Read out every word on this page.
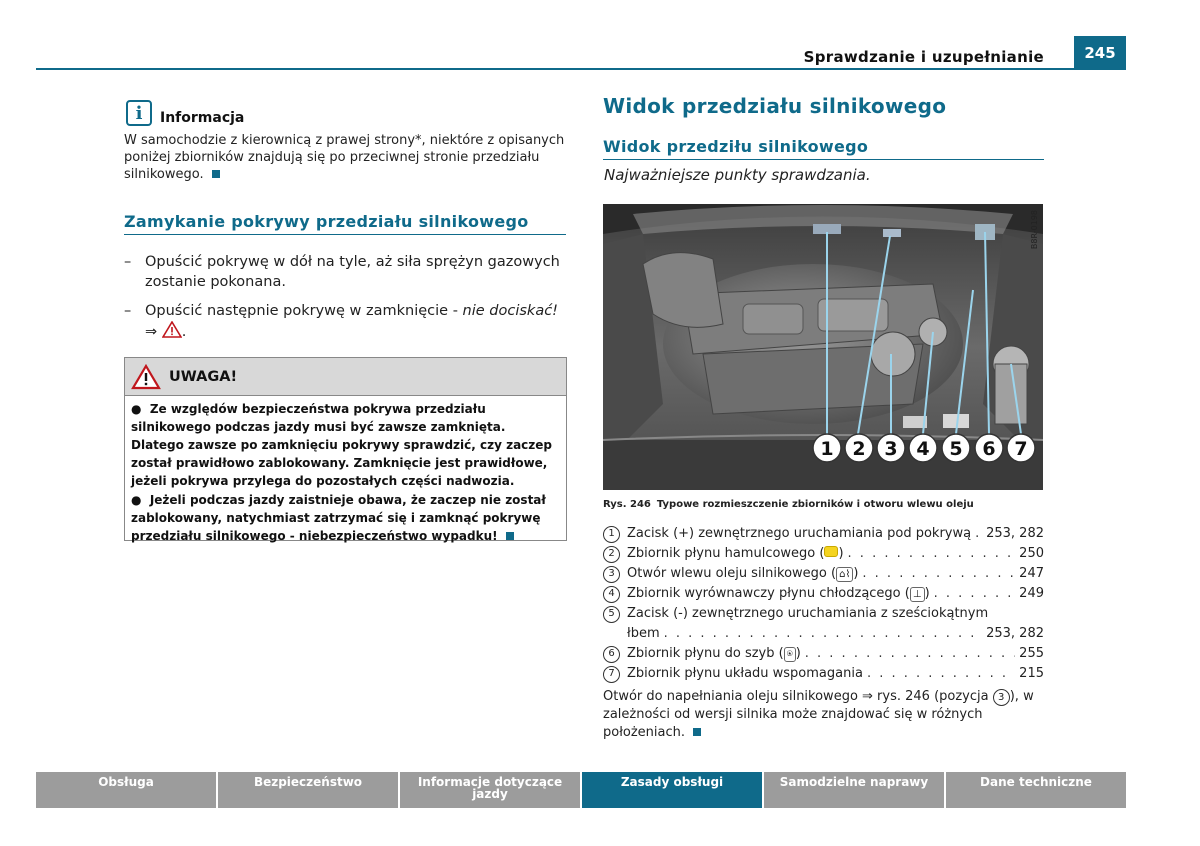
Sprawdzanie i uzupełnianie	245
i	Informacja
W samochodzie z kierownicą z prawej strony*, niektóre z opisanych poniżej zbiorników znajdują się po przeciwnej stronie przedziału silnikowego.
Zamykanie pokrywy przedziału silnikowego
– Opuścić pokrywę w dół na tyle, aż siła sprężyn gazowych zostanie pokonana.
– Opuścić następnie pokrywę w zamknięcie - nie dociskać!
⇒ .
UWAGA!

●  Ze względów bezpieczeństwa pokrywa przedziału silnikowego podczas jazdy musi być zawsze zamknięta. Dlatego zawsze po zamknięciu pokrywy sprawdzić, czy zaczep został prawidłowo zablokowany. Zamknięcie jest prawidłowe, jeżeli pokrywa przylega do pozostałych części nadwozia.

●  Jeżeli podczas jazdy zaistnieje obawa, że zaczep nie został zablokowany, natychmiast zatrzymać się i zamknąć pokrywę przedziału silnikowego - niebezpieczeństwo wypadku!

Widok przedziału silnikowego
Widok przedziłu silnikowego
Najważniejsze punkty sprawdzania.
1 2 3 4 5 6 7
B8R-0198
Rys. 246 Typowe rozmieszczenie zbiorników i otworu wlewu oleju
1 Zacisk (+) zewnętrznego uruchamiania pod pokrywą . . . 253, 282
2 Zbiornik płynu hamulcowego ( ) . . .	250
3 Otwór wlewu oleju silnikowego ( ⌂⌇ ) . . .	247
4 Zbiornik wyrównawczy płynu chłodzącego ( ⊥ ) . . .	249
5 Zacisk (-) zewnętrznego uruchamiania z sześciokątnym
łbem . . .	253, 282
6 Zbiornik płynu do szyb ( ⍟ ) . . .	255
7 Zbiornik płynu układu wspomagania . . .	215
Otwór do napełniania oleju silnikowego ⇒ rys. 246 (pozycja 3 ), w zależności od wersji silnika może znajdować się w różnych położeniach.
Obsługa	Bezpieczeństwo	Informacje dotyczące jazdy
Zasady obsługi	Samodzielne naprawy	Dane techniczne
